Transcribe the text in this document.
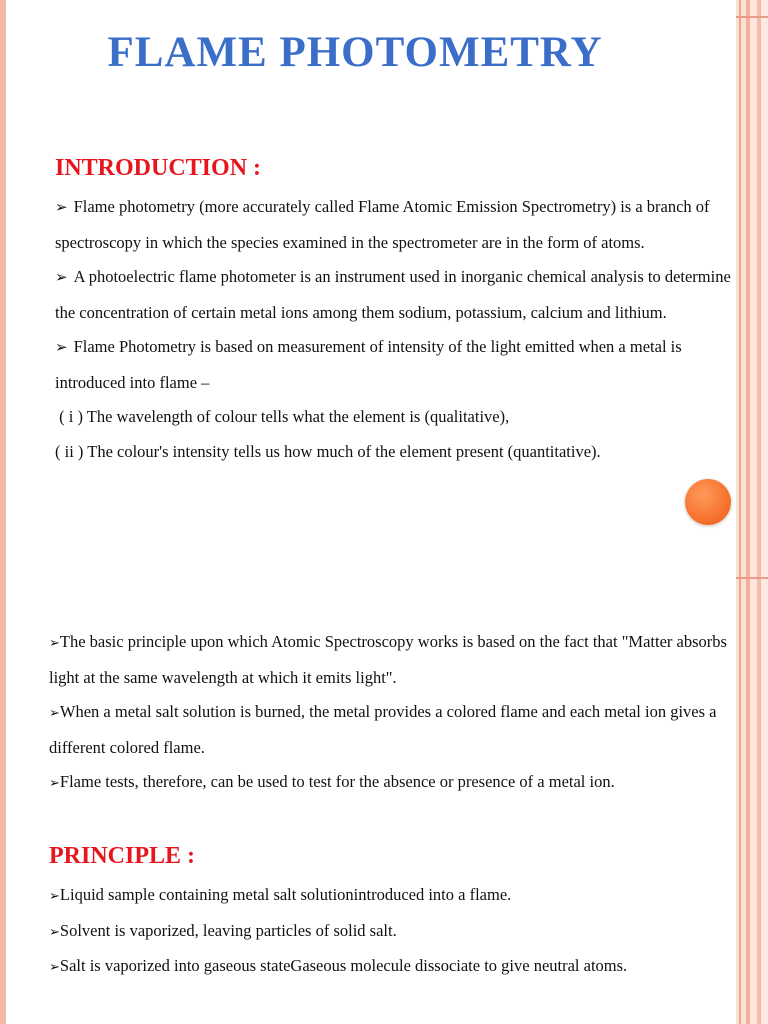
FLAME PHOTOMETRY
INTRODUCTION :
➢ Flame photometry (more accurately called Flame Atomic Emission Spectrometry) is a branch of spectroscopy in which the species examined in the spectrometer are in the form of atoms.
➢ A photoelectric flame photometer is an instrument used in inorganic chemical analysis to determine the concentration of certain metal ions among them sodium, potassium, calcium and lithium.
➢ Flame Photometry is based on measurement of intensity of the light emitted when a metal is introduced into flame –
( i ) The wavelength of colour tells what the element is (qualitative),
( ii ) The colour's intensity tells us how much of the element present (quantitative).
➢The basic principle upon which Atomic Spectroscopy works is based on the fact that "Matter absorbs light at the same wavelength at which it emits light".
➢When a metal salt solution is burned, the metal provides a colored flame and each metal ion gives a different colored flame.
➢Flame tests, therefore, can be used to test for the absence or presence of a metal ion.
PRINCIPLE :
➢Liquid sample containing metal salt solutionintroduced into a flame.
➢Solvent is vaporized, leaving particles of solid salt.
➢Salt is vaporized into gaseous stateGaseous molecule dissociate to give neutral atoms.
